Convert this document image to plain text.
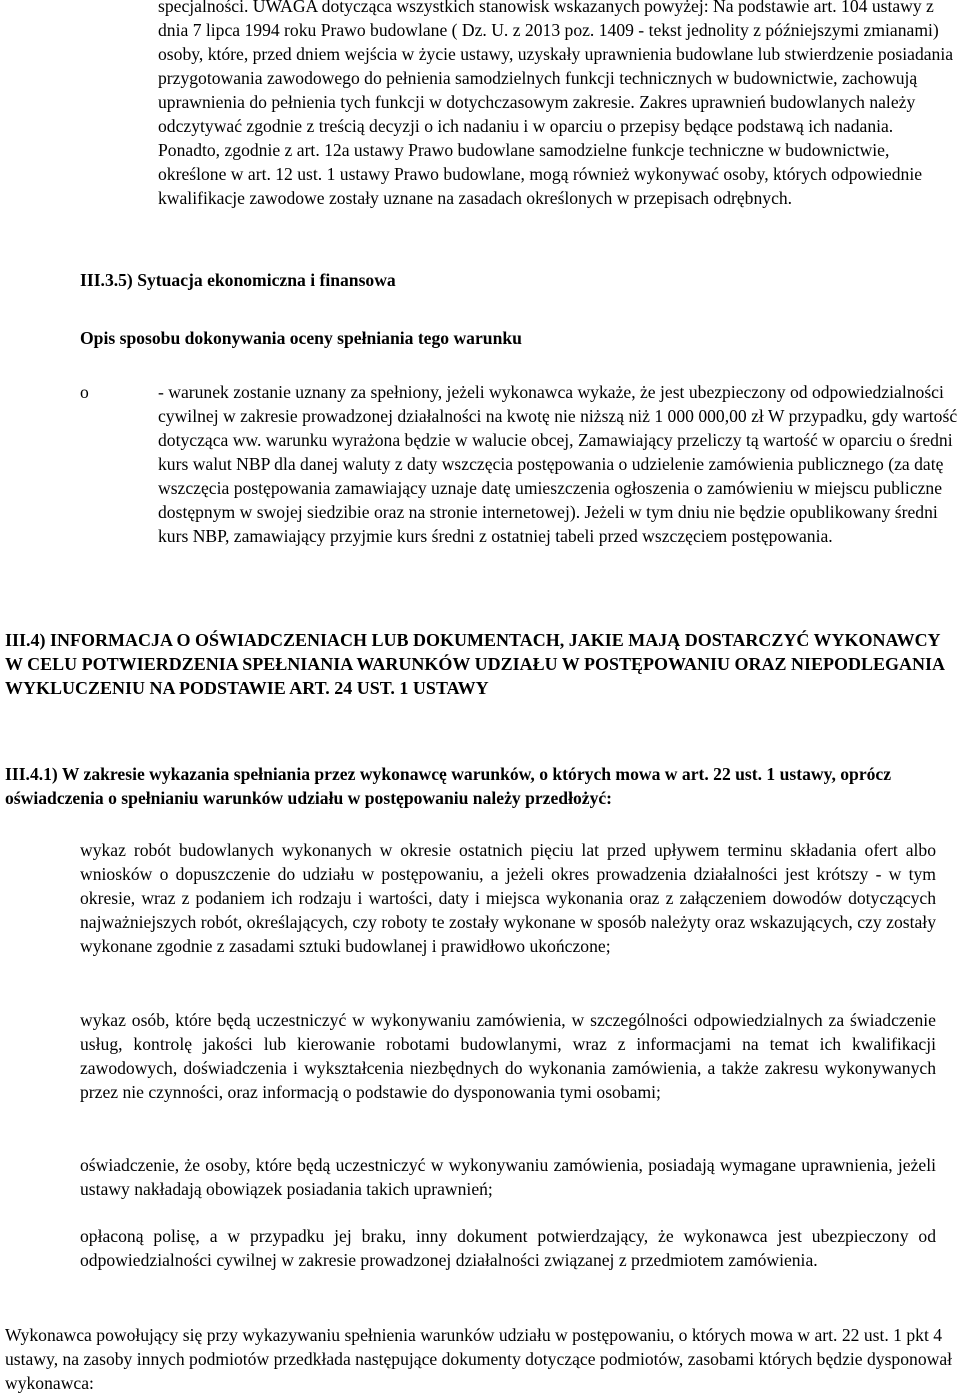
specjalności. UWAGA dotycząca wszystkich stanowisk wskazanych powyżej: Na podstawie art. 104 ustawy z dnia 7 lipca 1994 roku Prawo budowlane ( Dz. U. z 2013 poz. 1409 - tekst jednolity z późniejszymi zmianami) osoby, które, przed dniem wejścia w życie ustawy, uzyskały uprawnienia budowlane lub stwierdzenie posiadania przygotowania zawodowego do pełnienia samodzielnych funkcji technicznych w budownictwie, zachowują uprawnienia do pełnienia tych funkcji w dotychczasowym zakresie. Zakres uprawnień budowlanych należy odczytywać zgodnie z treścią decyzji o ich nadaniu i w oparciu o przepisy będące podstawą ich nadania. Ponadto, zgodnie z art. 12a ustawy Prawo budowlane samodzielne funkcje techniczne w budownictwie, określone w art. 12 ust. 1 ustawy Prawo budowlane, mogą również wykonywać osoby, których odpowiednie kwalifikacje zawodowe zostały uznane na zasadach określonych w przepisach odrębnych.

III.3.5) Sytuacja ekonomiczna i finansowa
Opis sposobu dokonywania oceny spełniania tego warunku
o	- warunek zostanie uznany za spełniony, jeżeli wykonawca wykaże, że jest ubezpieczony od odpowiedzialności cywilnej w zakresie prowadzonej działalności na kwotę nie niższą niż 1 000 000,00 zł W przypadku, gdy wartość dotycząca ww. warunku wyrażona będzie w walucie obcej, Zamawiający przeliczy tą wartość w oparciu o średni kurs walut NBP dla danej waluty z daty wszczęcia postępowania o udzielenie zamówienia publicznego (za datę wszczęcia postępowania zamawiający uznaje datę umieszczenia ogłoszenia o zamówieniu w miejscu publiczne dostępnym w swojej siedzibie oraz na stronie internetowej). Jeżeli w tym dniu nie będzie opublikowany średni kurs NBP, zamawiający przyjmie kurs średni z ostatniej tabeli przed wszczęciem postępowania.

III.4) INFORMACJA O OŚWIADCZENIACH LUB DOKUMENTACH, JAKIE MAJĄ DOSTARCZYĆ WYKONAWCY W CELU POTWIERDZENIA SPEŁNIANIA WARUNKÓW UDZIAŁU W POSTĘPOWANIU ORAZ NIEPODLEGANIA WYKLUCZENIU NA PODSTAWIE ART. 24 UST. 1 USTAWY
III.4.1) W zakresie wykazania spełniania przez wykonawcę warunków, o których mowa w art. 22 ust. 1 ustawy, oprócz oświadczenia o spełnianiu warunków udziału w postępowaniu należy przedłożyć:

wykaz robót budowlanych wykonanych w okresie ostatnich pięciu lat przed upływem terminu składania ofert albo wniosków o dopuszczenie do udziału w postępowaniu, a jeżeli okres prowadzenia działalności jest krótszy - w tym okresie, wraz z podaniem ich rodzaju i wartości, daty i miejsca wykonania oraz z załączeniem dowodów dotyczących najważniejszych robót, określających, czy roboty te zostały wykonane w sposób należyty oraz wskazujących, czy zostały wykonane zgodnie z zasadami sztuki budowlanej i prawidłowo ukończone;

wykaz osób, które będą uczestniczyć w wykonywaniu zamówienia, w szczególności odpowiedzialnych za świadczenie usług, kontrolę jakości lub kierowanie robotami budowlanymi, wraz z informacjami na temat ich kwalifikacji zawodowych, doświadczenia i wykształcenia niezbędnych do wykonania zamówienia, a także zakresu wykonywanych przez nie czynności, oraz informacją o podstawie do dysponowania tymi osobami;

oświadczenie, że osoby, które będą uczestniczyć w wykonywaniu zamówienia, posiadają wymagane uprawnienia, jeżeli ustawy nakładają obowiązek posiadania takich uprawnień;

opłaconą polisę, a w przypadku jej braku, inny dokument potwierdzający, że wykonawca jest ubezpieczony od odpowiedzialności cywilnej w zakresie prowadzonej działalności związanej z przedmiotem zamówienia.

Wykonawca powołujący się przy wykazywaniu spełnienia warunków udziału w postępowaniu, o których mowa w art. 22 ust. 1 pkt 4 ustawy, na zasoby innych podmiotów przedkłada następujące dokumenty dotyczące podmiotów, zasobami których będzie dysponował wykonawca:
